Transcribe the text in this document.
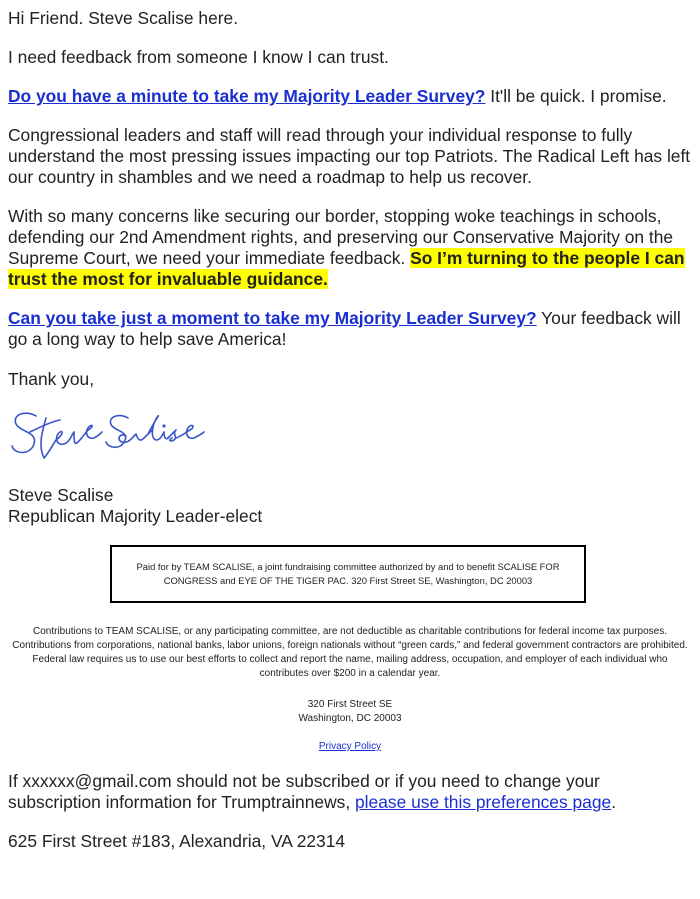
Hi Friend. Steve Scalise here.

I need feedback from someone I know I can trust.

Do you have a minute to take my Majority Leader Survey? It'll be quick. I promise.

Congressional leaders and staff will read through your individual response to fully understand the most pressing issues impacting our top Patriots. The Radical Left has left our country in shambles and we need a roadmap to help us recover.

With so many concerns like securing our border, stopping woke teachings in schools, defending our 2nd Amendment rights, and preserving our Conservative Majority on the Supreme Court, we need your immediate feedback. So I’m turning to the people I can trust the most for invaluable guidance.

Can you take just a moment to take my Majority Leader Survey? Your feedback will go a long way to help save America!

Thank you,

Steve Scalise

Republican Majority Leader-elect

Paid for by TEAM SCALISE, a joint fundraising committee authorized by and to benefit SCALISE FOR CONGRESS and EYE OF THE TIGER PAC. 320 First Street SE, Washington, DC 20003
Contributions to TEAM SCALISE, or any participating committee, are not deductible as charitable contributions for federal income tax purposes. Contributions from corporations, national banks, labor unions, foreign nationals without “green cards,” and federal government contractors are prohibited. Federal law requires us to use our best efforts to collect and report the name, mailing address, occupation, and employer of each individual who contributes over $200 in a calendar year.
320 First Street SE
Washington, DC 20003
Privacy Policy

If xxxxxx@gmail.com should not be subscribed or if you need to change your subscription information for Trumptrainnews, please use this preferences page.

625 First Street #183, Alexandria, VA 22314
